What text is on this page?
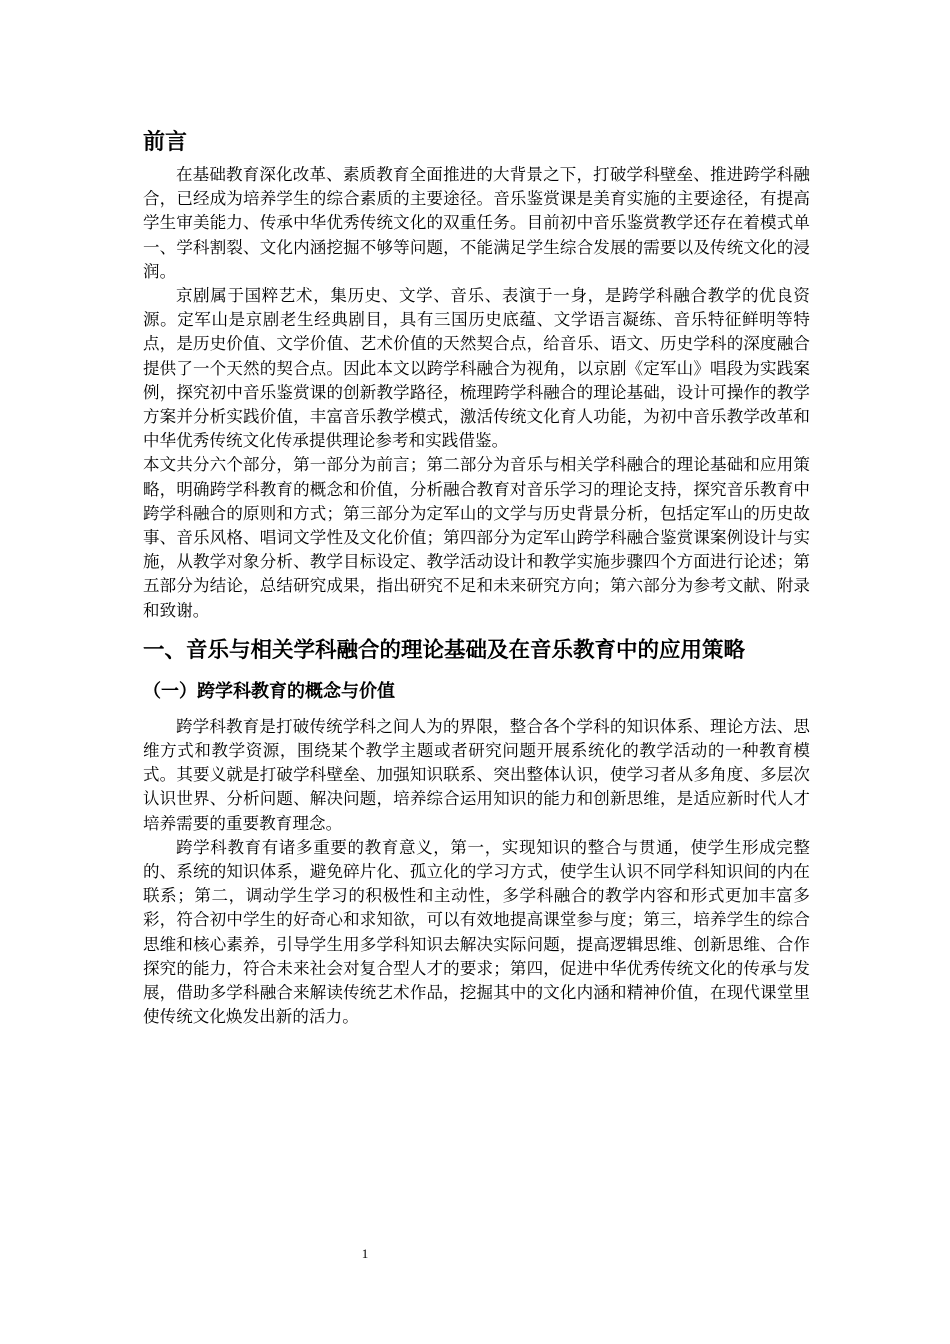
前言

在基础教育深化改革、素质教育全面推进的大背景之下，打破学科壁垒、推进跨学科融合，已经成为培养学生的综合素质的主要途径。音乐鉴赏课是美育实施的主要途径，有提高学生审美能力、传承中华优秀传统文化的双重任务。目前初中音乐鉴赏教学还存在着模式单一、学科割裂、文化内涵挖掘不够等问题，不能满足学生综合发展的需要以及传统文化的浸润。

京剧属于国粹艺术，集历史、文学、音乐、表演于一身，是跨学科融合教学的优良资源。定军山是京剧老生经典剧目，具有三国历史底蕴、文学语言凝练、音乐特征鲜明等特点，是历史价值、文学价值、艺术价值的天然契合点，给音乐、语文、历史学科的深度融合提供了一个天然的契合点。因此本文以跨学科融合为视角，以京剧《定军山》唱段为实践案例，探究初中音乐鉴赏课的创新教学路径，梳理跨学科融合的理论基础，设计可操作的教学方案并分析实践价值，丰富音乐教学模式，激活传统文化育人功能，为初中音乐教学改革和中华优秀传统文化传承提供理论参考和实践借鉴。

本文共分六个部分，第一部分为前言；第二部分为音乐与相关学科融合的理论基础和应用策略，明确跨学科教育的概念和价值，分析融合教育对音乐学习的理论支持，探究音乐教育中跨学科融合的原则和方式；第三部分为定军山的文学与历史背景分析，包括定军山的历史故事、音乐风格、唱词文学性及文化价值；第四部分为定军山跨学科融合鉴赏课案例设计与实施，从教学对象分析、教学目标设定、教学活动设计和教学实施步骤四个方面进行论述；第五部分为结论，总结研究成果，指出研究不足和未来研究方向；第六部分为参考文献、附录和致谢。

一、音乐与相关学科融合的理论基础及在音乐教育中的应用策略
（一）跨学科教育的概念与价值

跨学科教育是打破传统学科之间人为的界限，整合各个学科的知识体系、理论方法、思维方式和教学资源，围绕某个教学主题或者研究问题开展系统化的教学活动的一种教育模式。其要义就是打破学科壁垒、加强知识联系、突出整体认识，使学习者从多角度、多层次认识世界、分析问题、解决问题，培养综合运用知识的能力和创新思维，是适应新时代人才培养需要的重要教育理念。

跨学科教育有诸多重要的教育意义，第一，实现知识的整合与贯通，使学生形成完整的、系统的知识体系，避免碎片化、孤立化的学习方式，使学生认识不同学科知识间的内在联系；第二，调动学生学习的积极性和主动性，多学科融合的教学内容和形式更加丰富多彩，符合初中学生的好奇心和求知欲，可以有效地提高课堂参与度；第三，培养学生的综合思维和核心素养，引导学生用多学科知识去解决实际问题，提高逻辑思维、创新思维、合作探究的能力，符合未来社会对复合型人才的要求；第四，促进中华优秀传统文化的传承与发展，借助多学科融合来解读传统艺术作品，挖掘其中的文化内涵和精神价值，在现代课堂里使传统文化焕发出新的活力。

1
